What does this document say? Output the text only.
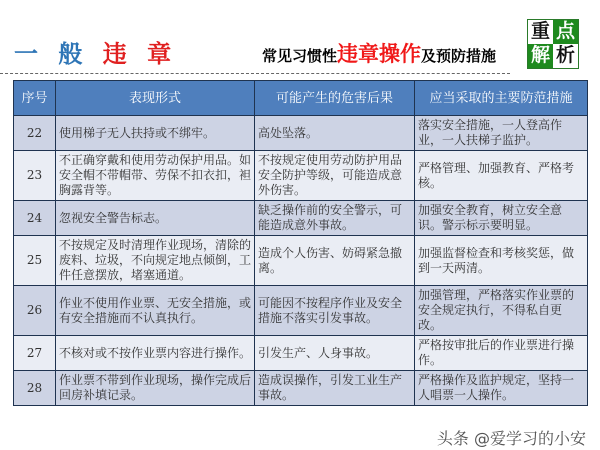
一 般 违 章	常见习惯性违章操作及预防措施
重 点
解 析
序号	表现形式	可能产生的危害后果	应当采取的主要防范措施
22	使用梯子无人扶持或不绑牢。	高处坠落。	落实安全措施，一人登高作业，一人扶梯子监护。
23	不正确穿戴和使用劳动保护用品。如安全帽不带帽带、劳保不扣衣扣，袒胸露背等。	不按规定使用劳动防护用品安全防护等级，可能造成意外伤害。	严格管理、加强教育、严格考核。
24	忽视安全警告标志。	缺乏操作前的安全警示，可能造成意外事故。	加强安全教育，树立安全意识。警示标示要明显。
25	不按规定及时清理作业现场，清除的废料、垃圾，不向规定地点倾倒，工件任意摆放，堵塞通道。	造成个人伤害、妨碍紧急撤离。	加强监督检查和考核奖惩，做到一天两清。
26	作业不使用作业票、无安全措施，或有安全措施而不认真执行。	可能因不按程序作业及安全措施不落实引发事故。	加强管理，严格落实作业票的安全规定执行，不得私自更改。
27	不核对或不按作业票内容进行操作。	引发生产、人身事故。	严格按审批后的作业票进行操作。
28	作业票不带到作业现场，操作完成后回房补填记录。	造成误操作，引发工业生产事故。	严格操作及监护规定，坚持一人唱票一人操作。
头条 @爱学习的小安
